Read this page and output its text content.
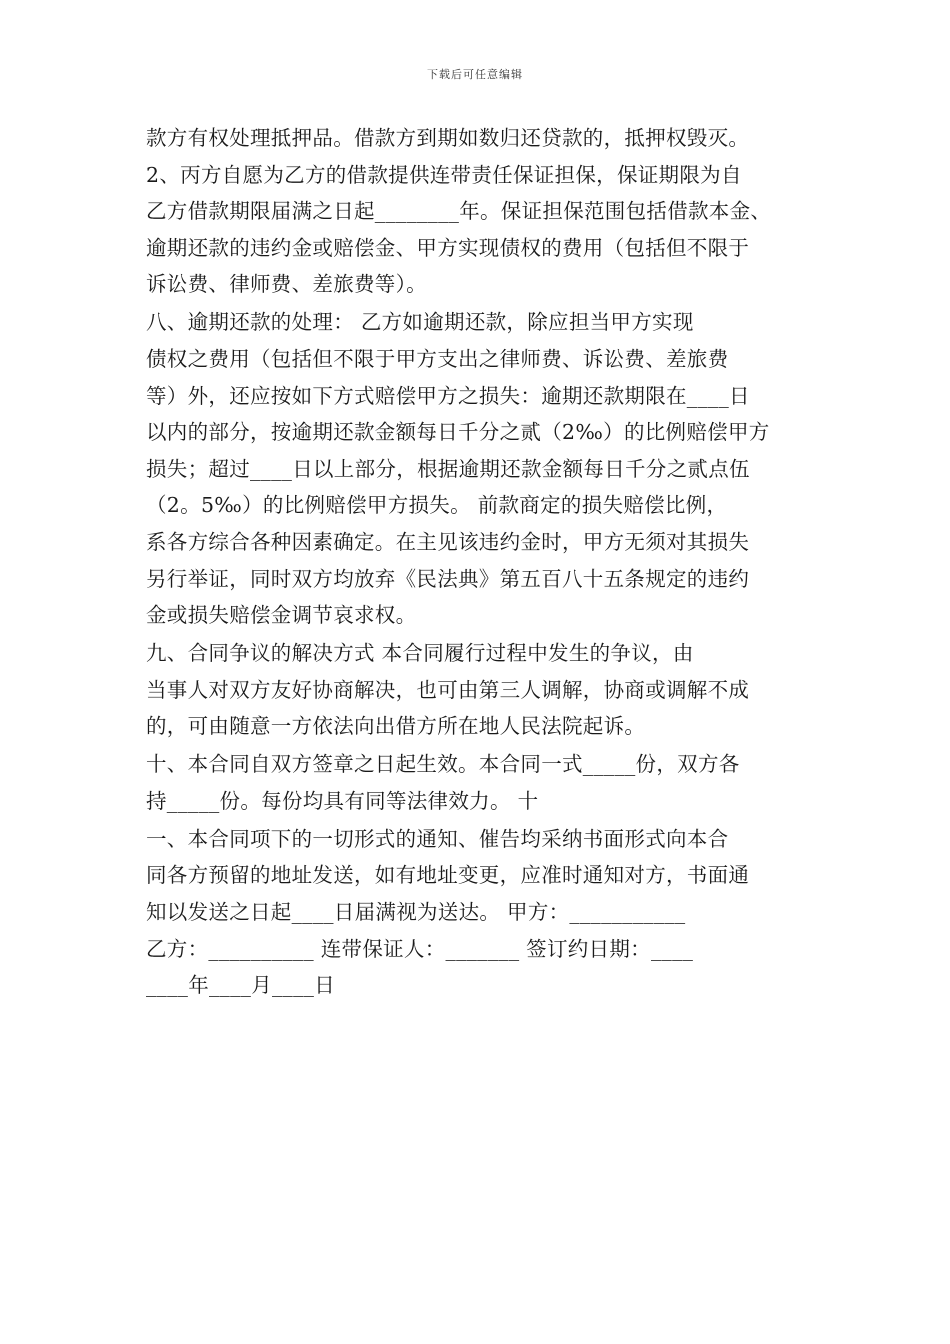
下载后可任意编辑
款方有权处理抵押品。借款方到期如数归还贷款的，抵押权毁灭。
2、丙方自愿为乙方的借款提供连带责任保证担保，保证期限为自
乙方借款期限届满之日起________年。保证担保范围包括借款本金、
逾期还款的违约金或赔偿金、甲方实现债权的费用（包括但不限于
诉讼费、律师费、差旅费等）。
八、逾期还款的处理： 乙方如逾期还款，除应担当甲方实现
债权之费用（包括但不限于甲方支出之律师费、诉讼费、差旅费
等）外，还应按如下方式赔偿甲方之损失：逾期还款期限在____日
以内的部分，按逾期还款金额每日千分之贰（2‰）的比例赔偿甲方
损失；超过____日以上部分，根据逾期还款金额每日千分之贰点伍
（2。5‰）的比例赔偿甲方损失。 前款商定的损失赔偿比例，
系各方综合各种因素确定。在主见该违约金时，甲方无须对其损失
另行举证，同时双方均放弃《民法典》第五百八十五条规定的违约
金或损失赔偿金调节哀求权。
九、合同争议的解决方式 本合同履行过程中发生的争议，由
当事人对双方友好协商解决，也可由第三人调解，协商或调解不成
的，可由随意一方依法向出借方所在地人民法院起诉。
十、本合同自双方签章之日起生效。本合同一式_____份，双方各
持_____份。每份均具有同等法律效力。 十
一、本合同项下的一切形式的通知、催告均采纳书面形式向本合
同各方预留的地址发送，如有地址变更，应准时通知对方，书面通
知以发送之日起____日届满视为送达。 甲方：___________
乙方：__________ 连带保证人：_______ 签订约日期：____
____年____月____日
